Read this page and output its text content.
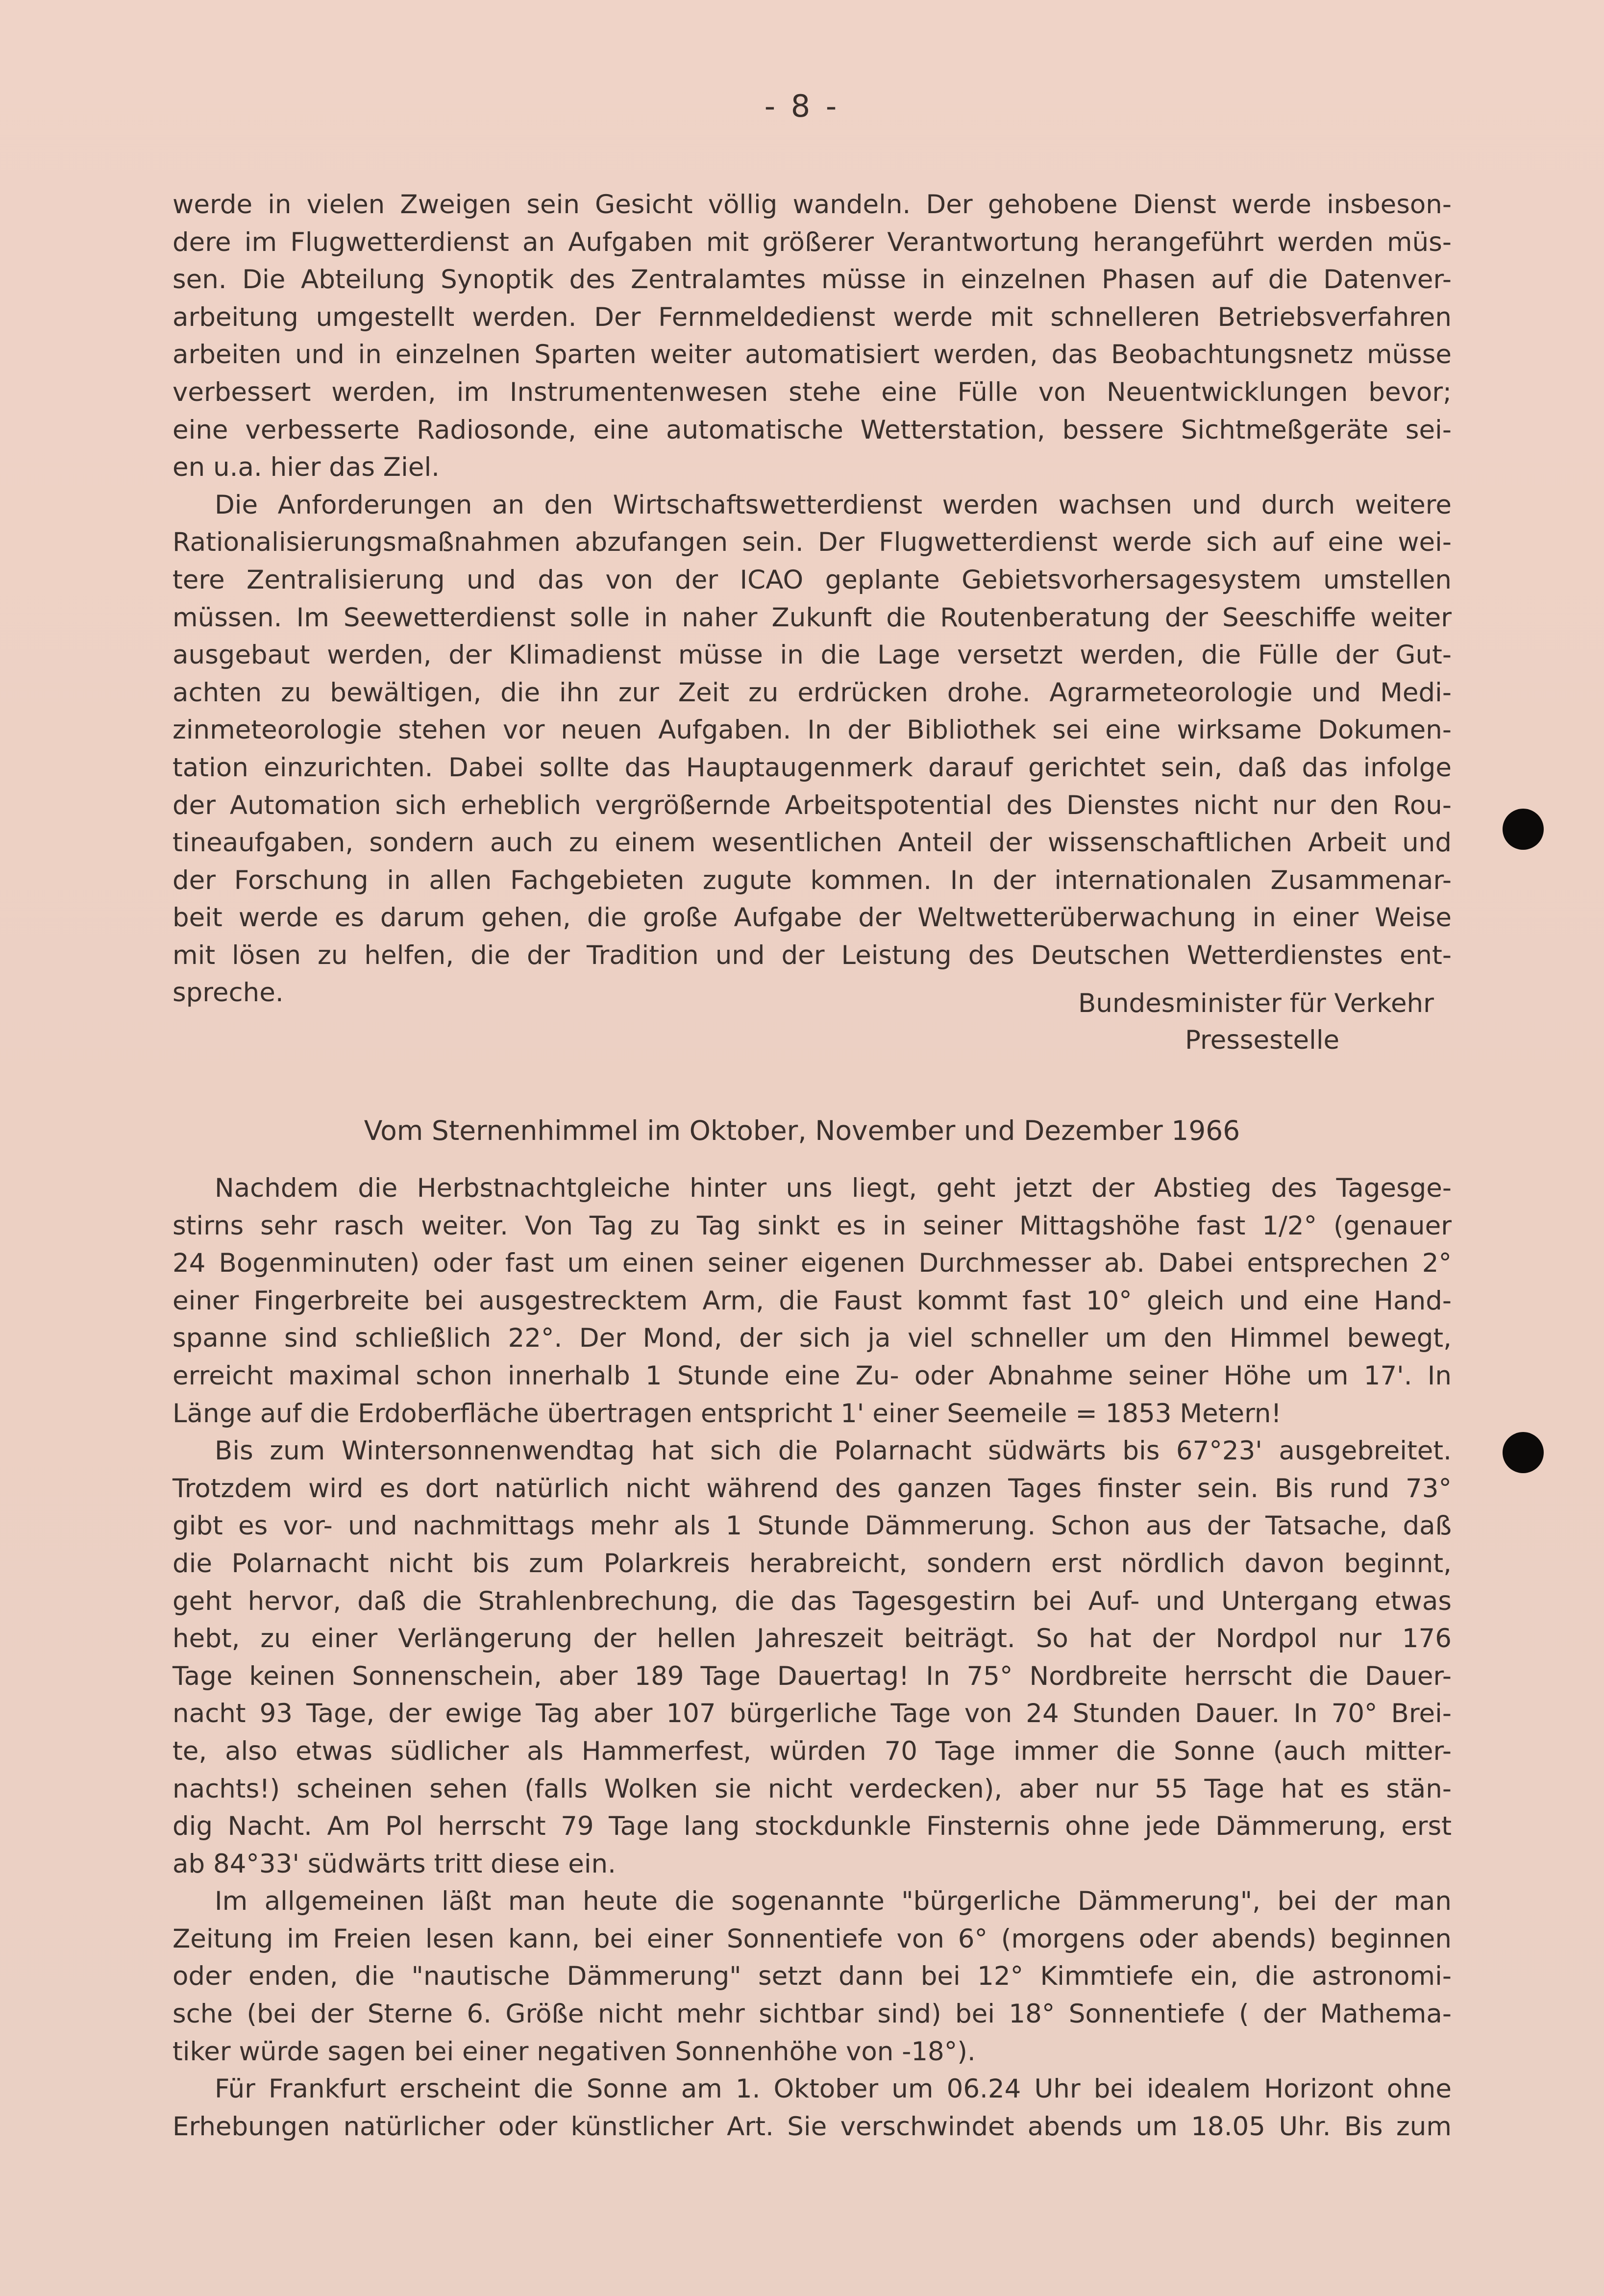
- 8 -
werde in vielen Zweigen sein Gesicht völlig wandeln. Der gehobene Dienst werde insbeson-
dere im Flugwetterdienst an Aufgaben mit größerer Verantwortung herangeführt werden müs-
sen. Die Abteilung Synoptik des Zentralamtes müsse in einzelnen Phasen auf die Datenver-
arbeitung umgestellt werden. Der Fernmeldedienst werde mit schnelleren Betriebsverfahren
arbeiten und in einzelnen Sparten weiter automatisiert werden, das Beobachtungsnetz müsse
verbessert werden, im Instrumentenwesen stehe eine Fülle von Neuentwicklungen bevor;
eine verbesserte Radiosonde, eine automatische Wetterstation, bessere Sichtmeßgeräte sei-
en u.a. hier das Ziel.
Die Anforderungen an den Wirtschaftswetterdienst werden wachsen und durch weitere
Rationalisierungsmaßnahmen abzufangen sein. Der Flugwetterdienst werde sich auf eine wei-
tere Zentralisierung und das von der ICAO geplante Gebietsvorhersagesystem umstellen
müssen. Im Seewetterdienst solle in naher Zukunft die Routenberatung der Seeschiffe weiter
ausgebaut werden, der Klimadienst müsse in die Lage versetzt werden, die Fülle der Gut-
achten zu bewältigen, die ihn zur Zeit zu erdrücken drohe. Agrarmeteorologie und Medi-
zinmeteorologie stehen vor neuen Aufgaben. In der Bibliothek sei eine wirksame Dokumen-
tation einzurichten. Dabei sollte das Hauptaugenmerk darauf gerichtet sein, daß das infolge
der Automation sich erheblich vergrößernde Arbeitspotential des Dienstes nicht nur den Rou-
tineaufgaben, sondern auch zu einem wesentlichen Anteil der wissenschaftlichen Arbeit und
der Forschung in allen Fachgebieten zugute kommen. In der internationalen Zusammenar-
beit werde es darum gehen, die große Aufgabe der Weltwetterüberwachung in einer Weise
mit lösen zu helfen, die der Tradition und der Leistung des Deutschen Wetterdienstes ent-
spreche.	Bundesminister für Verkehr
Pressestelle
Vom Sternenhimmel im Oktober, November und Dezember 1966
Nachdem die Herbstnachtgleiche hinter uns liegt, geht jetzt der Abstieg des Tagesge-
stirns sehr rasch weiter. Von Tag zu Tag sinkt es in seiner Mittagshöhe fast 1/2° (genauer
24 Bogenminuten) oder fast um einen seiner eigenen Durchmesser ab. Dabei entsprechen 2°
einer Fingerbreite bei ausgestrecktem Arm, die Faust kommt fast 10° gleich und eine Hand-
spanne sind schließlich 22°. Der Mond, der sich ja viel schneller um den Himmel bewegt,
erreicht maximal schon innerhalb 1 Stunde eine Zu- oder Abnahme seiner Höhe um 17'. In
Länge auf die Erdoberfläche übertragen entspricht 1' einer Seemeile = 1853 Metern!
Bis zum Wintersonnenwendtag hat sich die Polarnacht südwärts bis 67°23' ausgebreitet.
Trotzdem wird es dort natürlich nicht während des ganzen Tages finster sein. Bis rund 73°
gibt es vor- und nachmittags mehr als 1 Stunde Dämmerung. Schon aus der Tatsache, daß
die Polarnacht nicht bis zum Polarkreis herabreicht, sondern erst nördlich davon beginnt,
geht hervor, daß die Strahlenbrechung, die das Tagesgestirn bei Auf- und Untergang etwas
hebt, zu einer Verlängerung der hellen Jahreszeit beiträgt. So hat der Nordpol nur 176
Tage keinen Sonnenschein, aber 189 Tage Dauertag! In 75° Nordbreite herrscht die Dauer-
nacht 93 Tage, der ewige Tag aber 107 bürgerliche Tage von 24 Stunden Dauer. In 70° Brei-
te, also etwas südlicher als Hammerfest, würden 70 Tage immer die Sonne (auch mitter-
nachts!) scheinen sehen (falls Wolken sie nicht verdecken), aber nur 55 Tage hat es stän-
dig Nacht. Am Pol herrscht 79 Tage lang stockdunkle Finsternis ohne jede Dämmerung, erst
ab 84°33' südwärts tritt diese ein.
Im allgemeinen läßt man heute die sogenannte "bürgerliche Dämmerung", bei der man
Zeitung im Freien lesen kann, bei einer Sonnentiefe von 6° (morgens oder abends) beginnen
oder enden, die "nautische Dämmerung" setzt dann bei 12° Kimmtiefe ein, die astronomi-
sche (bei der Sterne 6. Größe nicht mehr sichtbar sind) bei 18° Sonnentiefe ( der Mathema-
tiker würde sagen bei einer negativen Sonnenhöhe von -18°).
Für Frankfurt erscheint die Sonne am 1. Oktober um 06.24 Uhr bei idealem Horizont ohne
Erhebungen natürlicher oder künstlicher Art. Sie verschwindet abends um 18.05 Uhr. Bis zum
